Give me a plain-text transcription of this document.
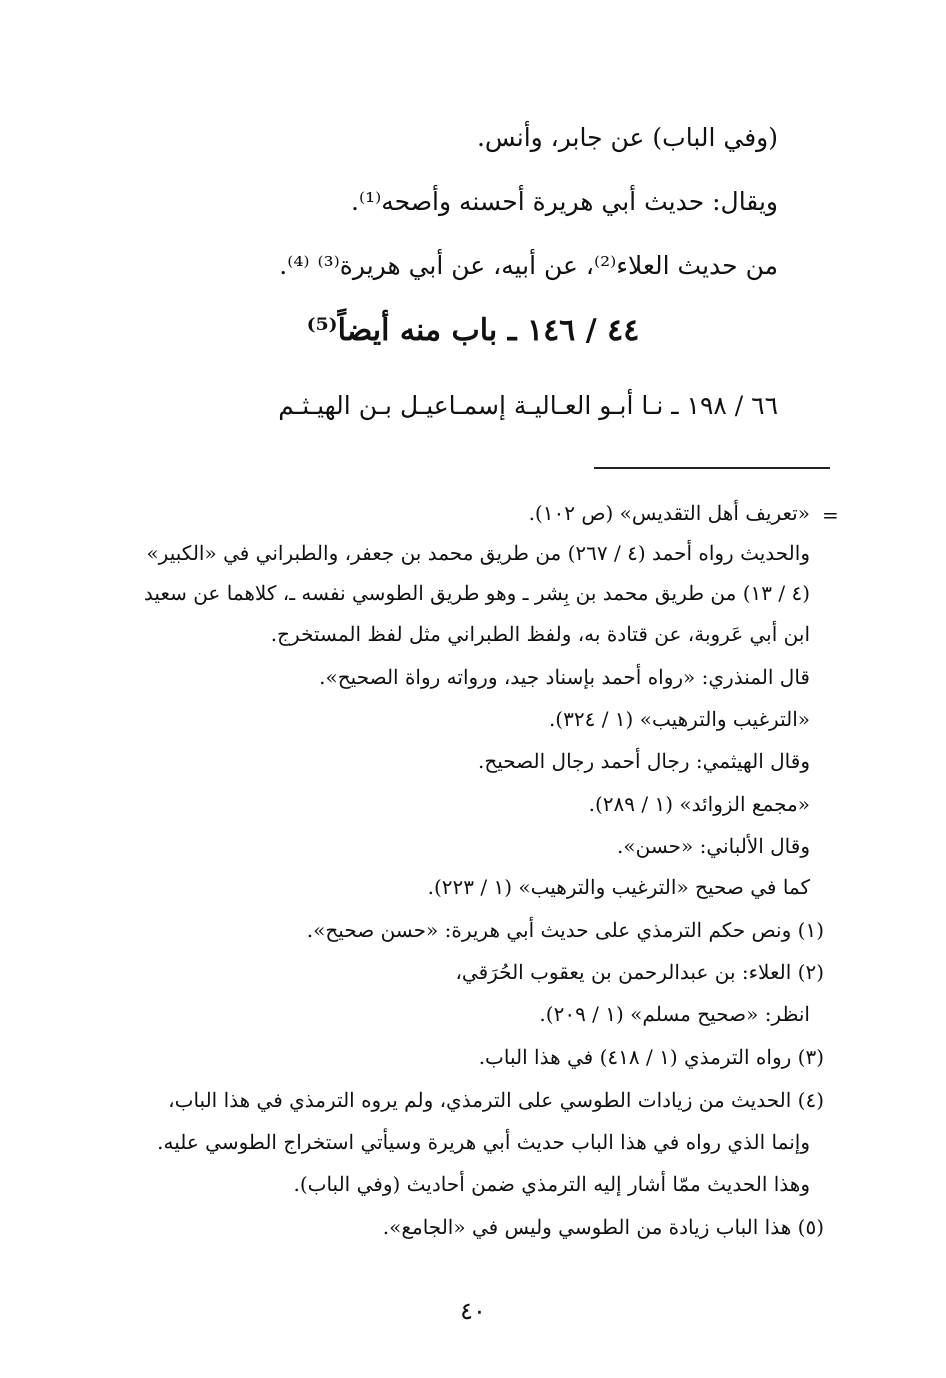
(وفي الباب) عن جابر، وأنس.
ويقال: حديث أبي هريرة أحسنه وأصحه⁽¹⁾.
من حديث العلاء⁽²⁾، عن أبيه، عن أبي هريرة⁽³⁾ ⁽⁴⁾.
٤٤ / ١٤٦ ـ باب منه أيضاً⁽⁵⁾
٦٦ / ١٩٨ ـ نـا أبـو العـاليـة إسمـاعيـل بـن الهيـثـم
=
«تعريف أهل التقديس» (ص ١٠٢).
والحديث رواه أحمد (٤ / ٢٦٧) من طريق محمد بن جعفر، والطبراني في «الكبير»
(٤ / ١٣) من طريق محمد بن بِشر ـ وهو طريق الطوسي نفسه ـ، كلاهما عن سعيد
ابن أبي عَروبة، عن قتادة به، ولفظ الطبراني مثل لفظ المستخرج.
قال المنذري: «رواه أحمد بإسناد جيد، ورواته رواة الصحيح».
«الترغيب والترهيب» (١ / ٣٢٤).
وقال الهيثمي: رجال أحمد رجال الصحيح.
«مجمع الزوائد» (١ / ٢٨٩).
وقال الألباني: «حسن».
كما في صحيح «الترغيب والترهيب» (١ / ٢٢٣).
(١) ونص حكم الترمذي على حديث أبي هريرة: «حسن صحيح».
(٢) العلاء: بن عبدالرحمن بن يعقوب الحُرَقي،
انظر: «صحيح مسلم» (١ / ٢٠٩).
(٣) رواه الترمذي (١ / ٤١٨) في هذا الباب.
(٤) الحديث من زيادات الطوسي على الترمذي، ولم يروه الترمذي في هذا الباب،
وإنما الذي رواه في هذا الباب حديث أبي هريرة وسيأتي استخراج الطوسي عليه.
وهذا الحديث ممّا أشار إليه الترمذي ضمن أحاديث (وفي الباب).
(٥) هذا الباب زيادة من الطوسي وليس في «الجامع».
٤٠
